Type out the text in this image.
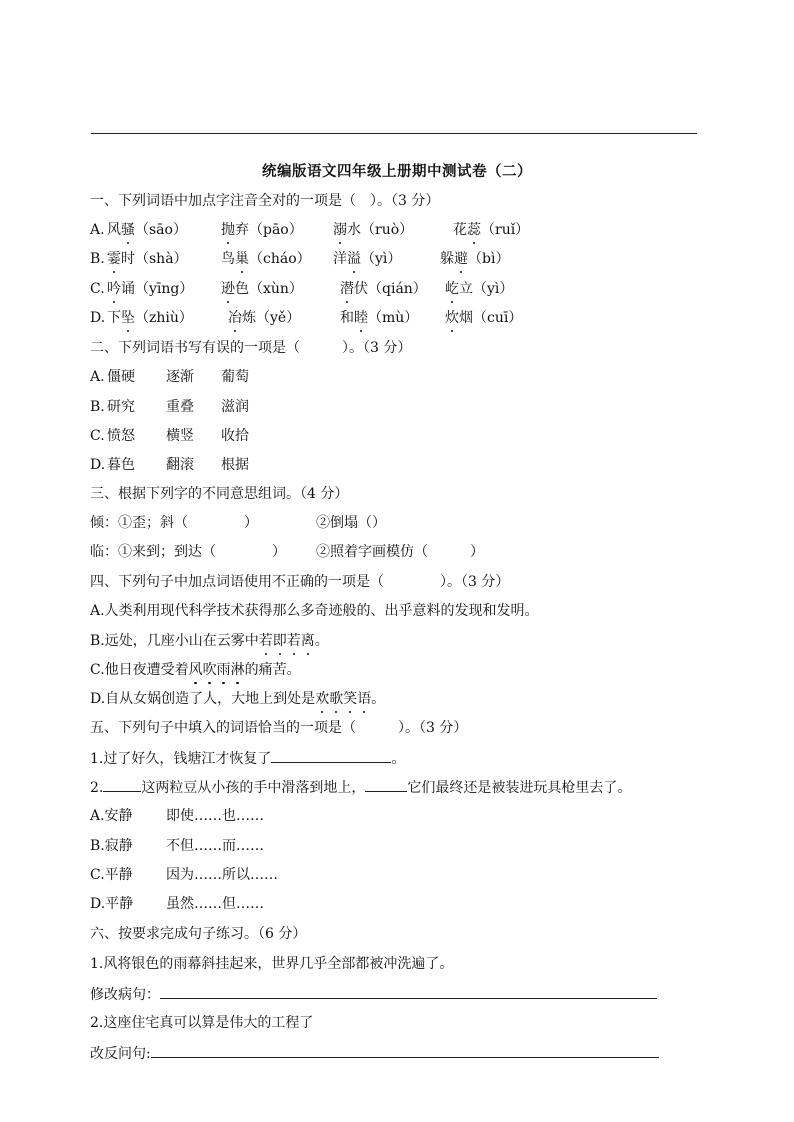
统编版语文四年级上册期中测试卷（二）
一、下列词语中加点字注音全对的一项是（　）。（3 分）
A. 风骚（sāo） 抛弃（pāo） 溺水（ruò）	花蕊（ruǐ）
B. 霎时（shà） 鸟巢（cháo） 洋溢（yì）	躲避（bì）
C. 吟诵（yīng） 逊色（xùn）	潜伏（qián） 屹立（yì）
D. 下坠（zhiù）	冶炼（yě）	和睦（mù） 炊烟（cuī）
二、下列词语书写有误的一项是（　　　）。（3 分）
A. 僵硬 逐渐 葡萄
B. 研究 重叠 滋润
C. 愤怒 横竖 收拾
D. 暮色 翻滚 根据
三、根据下列字的不同意思组词。（4 分）
倾：①歪；斜（　　　　）	②倒塌（）
临：①来到；到达（　　　　） ②照着字画模仿（　　　）
四、下列句子中加点词语使用不正确的一项是（　　　　）。（3 分）
A.人类利用现代科学技术获得那么多奇迹般的、出乎意料的发现和发明。
B.远处，几座小山在云雾中若即若离。
C.他日夜遭受着风吹雨淋的痛苦。
D.自从女娲创造了人，大地上到处是欢歌笑语。
五、下列句子中填入的词语恰当的一项是（　　　）。（3 分）
1.过了好久，钱塘江才恢复了	。
2.	这两粒豆从小孩的手中滑落到地上，	它们最终还是被装进玩具枪里去了。
A.安静 即使……也……
B.寂静 不但……而……
C.平静 因为……所以……
D.平静 虽然……但……
六、按要求完成句子练习。（6 分）
1.风将银色的雨幕斜挂起来，世界几乎全部都被冲洗遍了。
修改病句：
2.这座住宅真可以算是伟大的工程了
改反问句:
